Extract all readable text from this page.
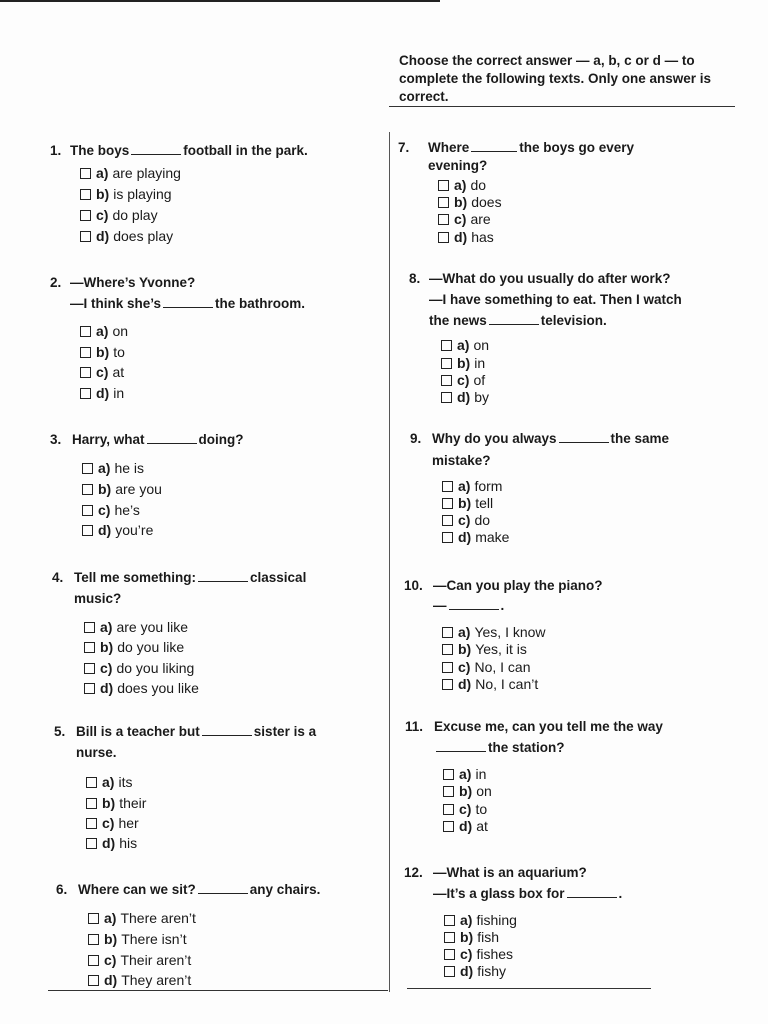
Choose the correct answer — a, b, c or d — to complete the following texts. Only one answer is correct.
1. The boys	football in the park.
a) are playing
b) is playing
c) do play
d) does play
2. —Where’s Yvonne?
—I think she’s	the bathroom.
a) on
b) to
c) at
d) in
3. Harry, what	doing?
a) he is
b) are you
c) he’s
d) you’re
4. Tell me something:	classical
music?
a) are you like
b) do you like
c) do you liking
d) does you like
5. Bill is a teacher but	sister is a
nurse.
a) its
b) their
c) her
d) his
6. Where can we sit?	any chairs.
a) There aren’t
b) There isn’t
c) Their aren’t
d) They aren’t
7. Where	the boys go every
evening?
a) do
b) does
c) are
d) has
8. —What do you usually do after work?
—I have something to eat. Then I watch
the news	television.
a) on
b) in
c) of
d) by
9. Why do you always	the same
mistake?
a) form
b) tell
c) do
d) make
10. —Can you play the piano?
—	.
a) Yes, I know
b) Yes, it is
c) No, I can
d) No, I can’t
11. Excuse me, can you tell me the way
the station?
a) in
b) on
c) to
d) at
12. —What is an aquarium?
—It’s a glass box for	.
a) fishing
b) fish
c) fishes
d) fishy
